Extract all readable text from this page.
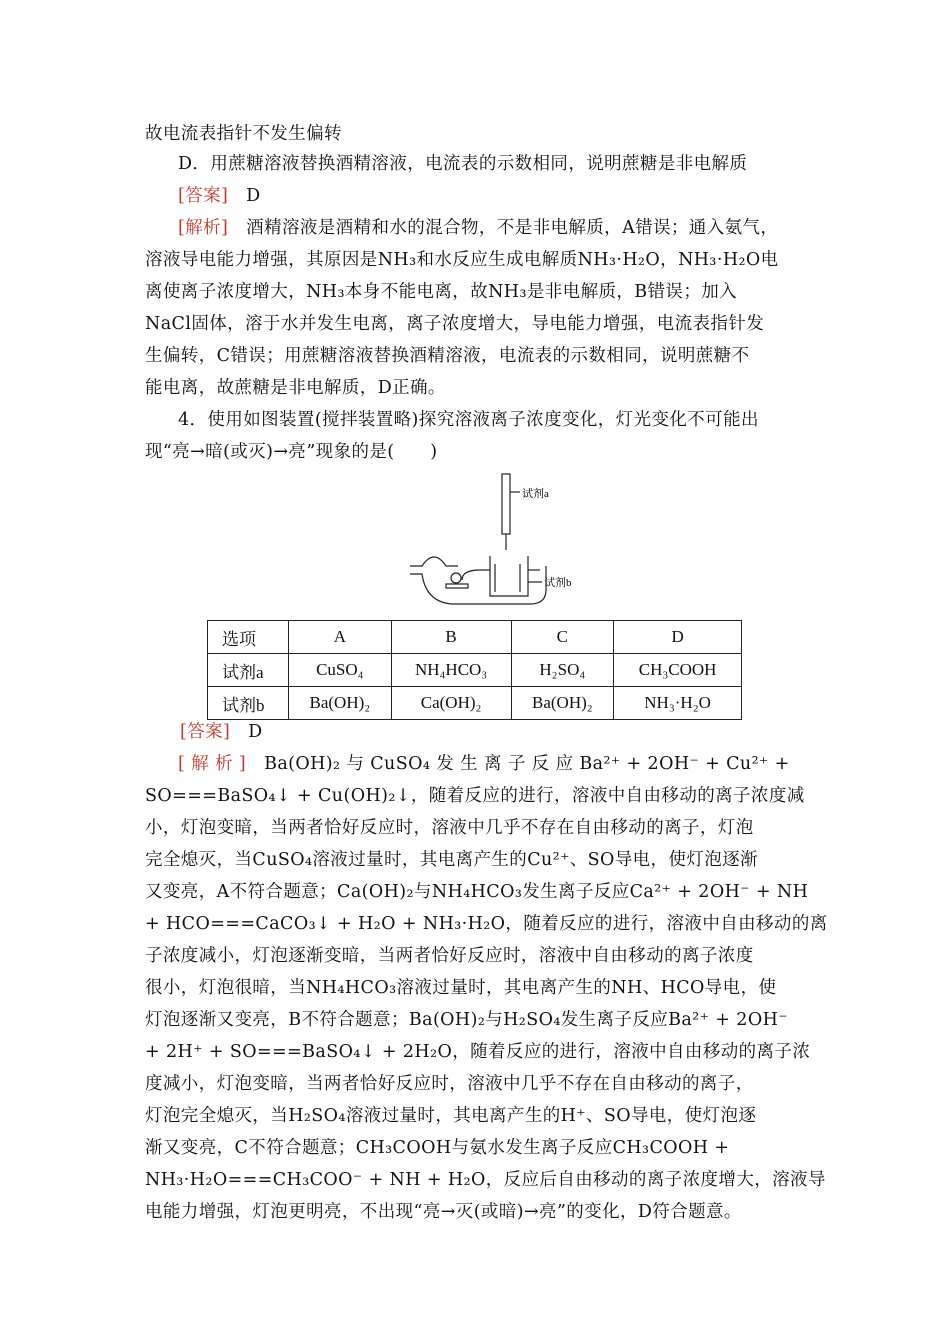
故电流表指针不发生偏转
D．用蔗糖溶液替换酒精溶液，电流表的示数相同，说明蔗糖是非电解质
[答案]　 D
[解析]　 酒精溶液是酒精和水的混合物，不是非电解质，A错误；通入氨气，
溶液导电能力增强，其原因是NH₃和水反应生成电解质NH₃·H₂O，NH₃·H₂O电
离使离子浓度增大，NH₃本身不能电离，故NH₃是非电解质，B错误；加入
NaCl固体，溶于水并发生电离，离子浓度增大，导电能力增强，电流表指针发
生偏转，C错误；用蔗糖溶液替换酒精溶液，电流表的示数相同，说明蔗糖不
能电离，故蔗糖是非电解质，D正确。
4．使用如图装置(搅拌装置略)探究溶液离子浓度变化，灯光变化不可能出
现“亮→暗(或灭)→亮”现象的是(　　)
试剂a
试剂b
选项	A	B	C	D
试剂a	CuSO₄	NH₄HCO₃	H₂SO₄	CH₃COOH
试剂b	Ba(OH)₂	Ca(OH)₂	Ba(OH)₂	NH₃·H₂O
[答案]　 D
[ 解 析 ]　 Ba(OH)₂ 与 CuSO₄ 发 生 离 子 反 应 Ba²⁺ + 2OH⁻ + Cu²⁺ +
SO===BaSO₄↓ + Cu(OH)₂↓，随着反应的进行，溶液中自由移动的离子浓度减
小，灯泡变暗，当两者恰好反应时，溶液中几乎不存在自由移动的离子，灯泡
完全熄灭，当CuSO₄溶液过量时，其电离产生的Cu²⁺、SO导电，使灯泡逐渐
又变亮，A不符合题意；Ca(OH)₂与NH₄HCO₃发生离子反应Ca²⁺ + 2OH⁻ + NH
+ HCO===CaCO₃↓ + H₂O + NH₃·H₂O，随着反应的进行，溶液中自由移动的离
子浓度减小，灯泡逐渐变暗，当两者恰好反应时，溶液中自由移动的离子浓度
很小，灯泡很暗，当NH₄HCO₃溶液过量时，其电离产生的NH、HCO导电，使
灯泡逐渐又变亮，B不符合题意；Ba(OH)₂与H₂SO₄发生离子反应Ba²⁺ + 2OH⁻
+ 2H⁺ + SO===BaSO₄↓ + 2H₂O，随着反应的进行，溶液中自由移动的离子浓
度减小，灯泡变暗，当两者恰好反应时，溶液中几乎不存在自由移动的离子，
灯泡完全熄灭，当H₂SO₄溶液过量时，其电离产生的H⁺、SO导电，使灯泡逐
渐又变亮，C不符合题意；CH₃COOH与氨水发生离子反应CH₃COOH +
NH₃·H₂O===CH₃COO⁻ + NH + H₂O，反应后自由移动的离子浓度增大，溶液导
电能力增强，灯泡更明亮，不出现“亮→灭(或暗)→亮”的变化，D符合题意。
